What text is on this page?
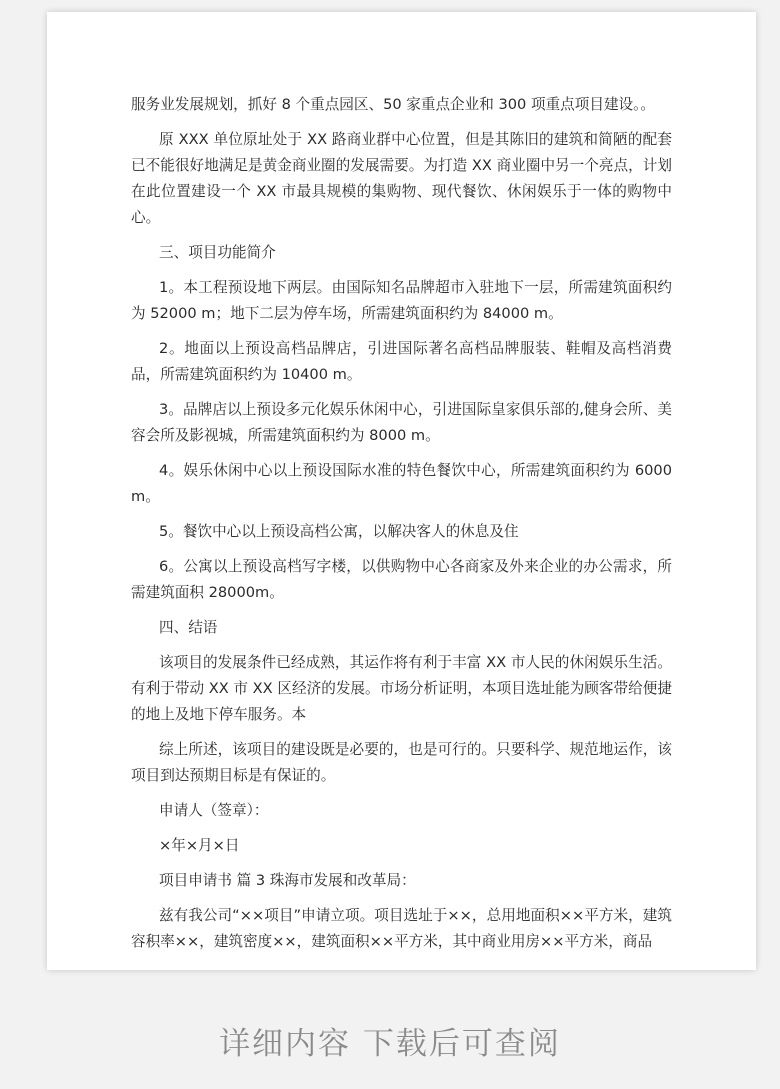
服务业发展规划，抓好 8 个重点园区、50 家重点企业和 300 项重点项目建设。。

原 XXX 单位原址处于 XX 路商业群中心位置，但是其陈旧的建筑和简陋的配套已不能很好地满足是黄金商业圈的发展需要。为打造 XX 商业圈中另一个亮点，计划在此位置建设一个 XX 市最具规模的集购物、现代餐饮、休闲娱乐于一体的购物中心。

三、项目功能简介

1。本工程预设地下两层。由国际知名品牌超市入驻地下一层，所需建筑面积约为 52000 m；地下二层为停车场，所需建筑面积约为 84000 m。

2。地面以上预设高档品牌店，引进国际著名高档品牌服装、鞋帽及高档消费品，所需建筑面积约为 10400 m。

3。品牌店以上预设多元化娱乐休闲中心，引进国际皇家俱乐部的,健身会所、美容会所及影视城，所需建筑面积约为 8000 m。

4。娱乐休闲中心以上预设国际水准的特色餐饮中心，所需建筑面积约为 6000 m。

5。餐饮中心以上预设高档公寓，以解决客人的休息及住

6。公寓以上预设高档写字楼，以供购物中心各商家及外来企业的办公需求，所需建筑面积 28000m。

四、结语

该项目的发展条件已经成熟，其运作将有利于丰富 XX 市人民的休闲娱乐生活。有利于带动 XX 市 XX 区经济的发展。市场分析证明，本项目选址能为顾客带给便捷的地上及地下停车服务。本

综上所述，该项目的建设既是必要的，也是可行的。只要科学、规范地运作，该项目到达预期目标是有保证的。

申请人（签章）：

×年×月×日

项目申请书 篇 3 珠海市发展和改革局：

兹有我公司“××项目”申请立项。项目选址于××，总用地面积××平方米，建筑容积率××，建筑密度××，建筑面积××平方米，其中商业用房××平方米，商品

详细内容 下载后可查阅
